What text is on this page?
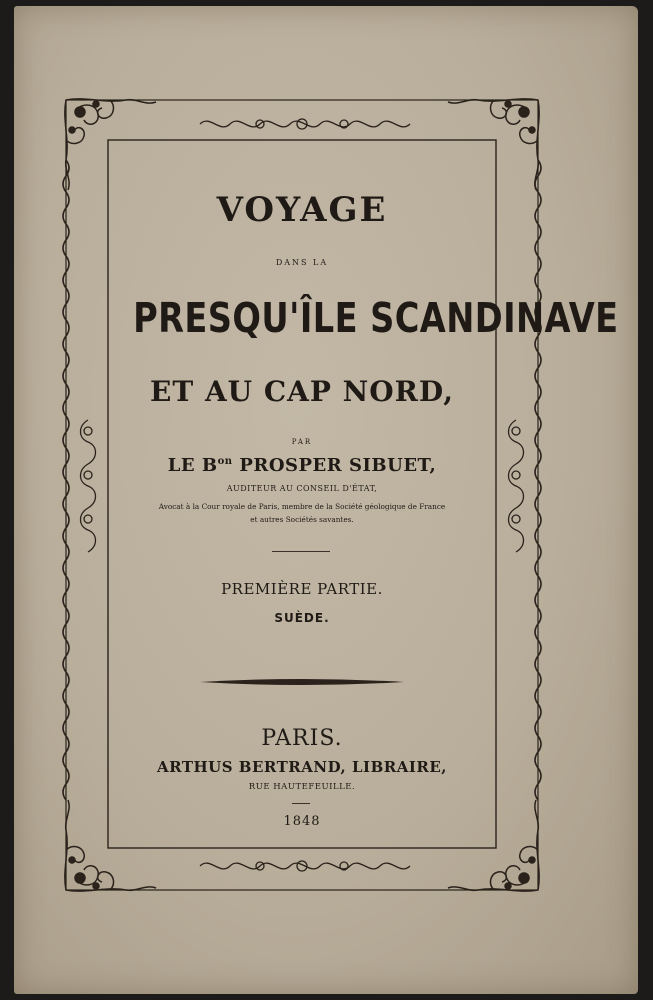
VOYAGE
DANS LA
PRESQU'ÎLE SCANDINAVE
ET AU CAP NORD,
PAR
LE $B^{on}$ PROSPER SIBUET,
AUDITEUR AU CONSEIL D'ÉTAT,
Avocat à la Cour royale de Paris, membre de la Société géologique de France
et autres Sociétés savantes.
PREMIÈRE PARTIE.
SUÈDE.
PARIS.
ARTHUS BERTRAND, LIBRAIRE,
RUE HAUTEFEUILLE.
1848
